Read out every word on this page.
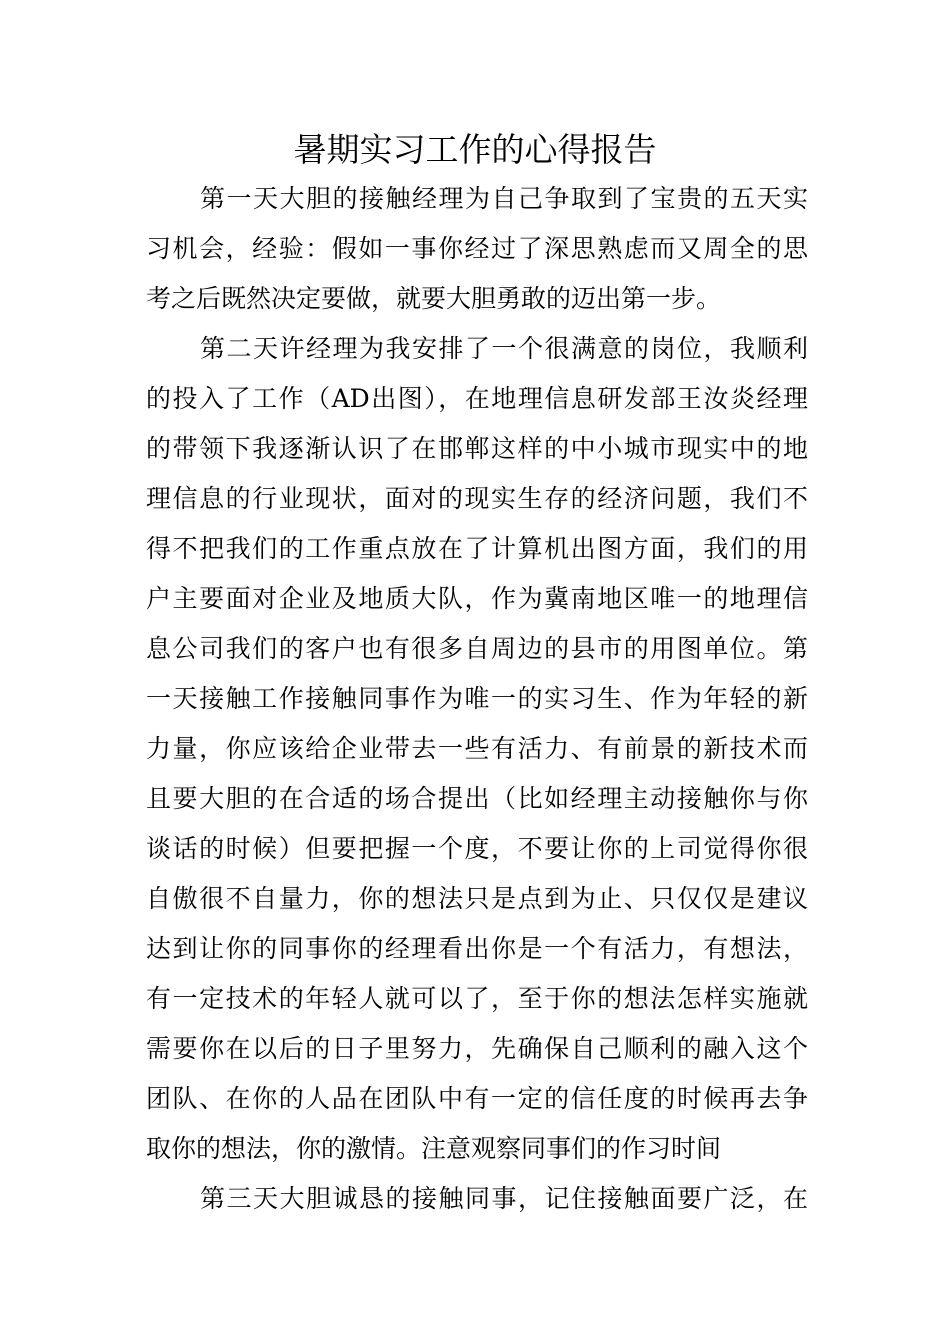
暑期实习工作的心得报告
第一天大胆的接触经理为自己争取到了宝贵的五天实
习机会，经验：假如一事你经过了深思熟虑而又周全的思
考之后既然决定要做，就要大胆勇敢的迈出第一步。
第二天许经理为我安排了一个很满意的岗位，我顺利
的投入了工作（AD出图），在地理信息研发部王汝炎经理
的带领下我逐渐认识了在邯郸这样的中小城市现实中的地
理信息的行业现状，面对的现实生存的经济问题，我们不
得不把我们的工作重点放在了计算机出图方面，我们的用
户主要面对企业及地质大队，作为冀南地区唯一的地理信
息公司我们的客户也有很多自周边的县市的用图单位。第
一天接触工作接触同事作为唯一的实习生、作为年轻的新
力量，你应该给企业带去一些有活力、有前景的新技术而
且要大胆的在合适的场合提出（比如经理主动接触你与你
谈话的时候）但要把握一个度，不要让你的上司觉得你很
自傲很不自量力，你的想法只是点到为止、只仅仅是建议
达到让你的同事你的经理看出你是一个有活力，有想法，
有一定技术的年轻人就可以了，至于你的想法怎样实施就
需要你在以后的日子里努力，先确保自己顺利的融入这个
团队、在你的人品在团队中有一定的信任度的时候再去争
取你的想法，你的激情。注意观察同事们的作习时间
第三天大胆诚恳的接触同事，记住接触面要广泛，在
